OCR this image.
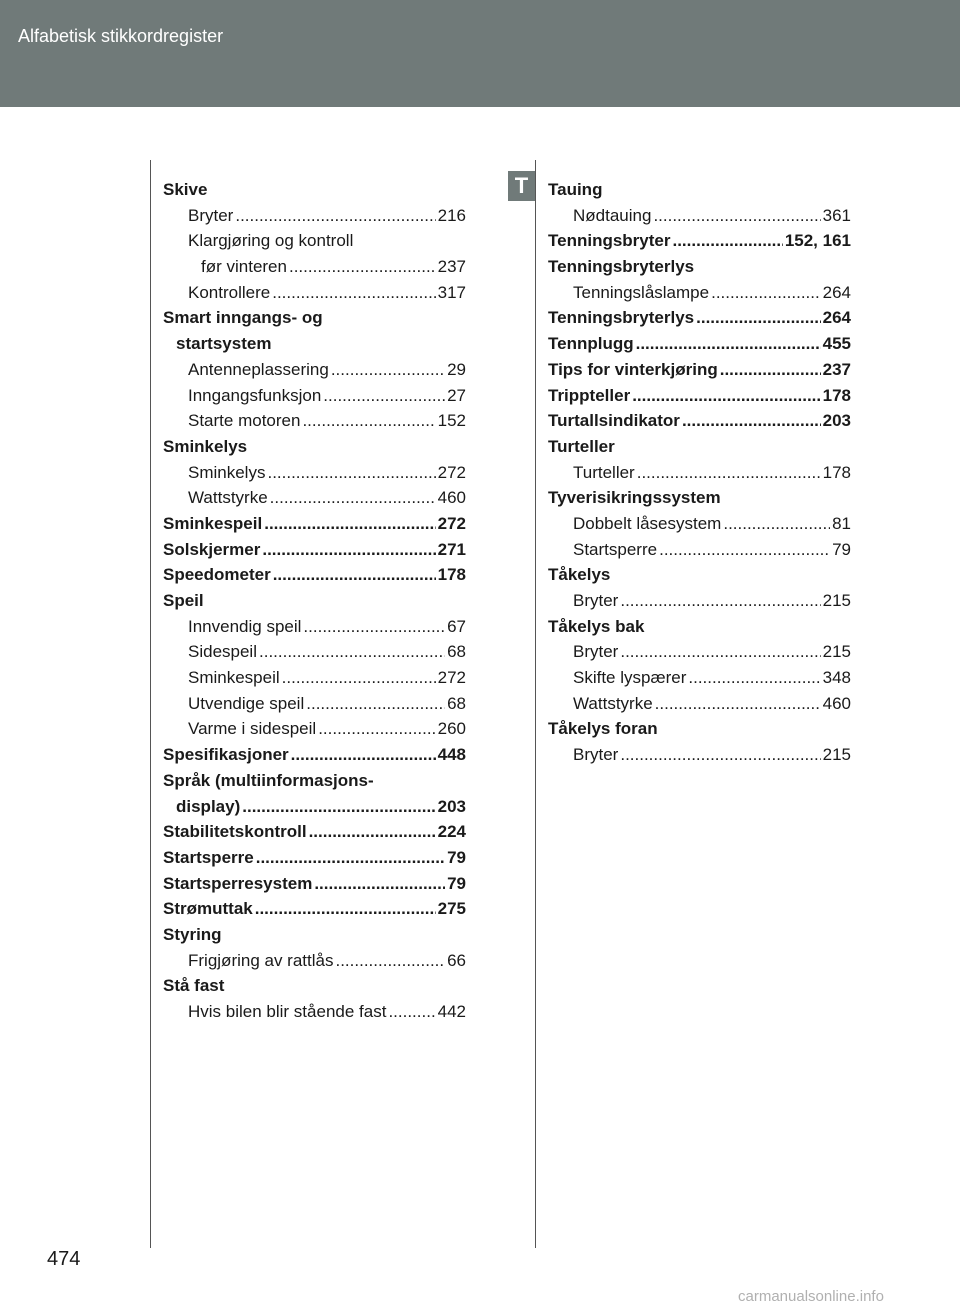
Alfabetisk stikkordregister
T
Skive
Bryter .....	216
Klargjøring og kontroll
før vinteren .....	237
Kontrollere .....	317
Smart inngangs- og
startsystem
Antenneplassering .....	29
Inngangsfunksjon .....	27
Starte motoren .....	152
Sminkelys
Sminkelys .....	272
Wattstyrke .....	460
Sminkespeil .....	272
Solskjermer .....	271
Speedometer .....	178
Speil
Innvendig speil .....	67
Sidespeil .....	68
Sminkespeil .....	272
Utvendige speil .....	68
Varme i sidespeil .....	260
Spesifikasjoner .....	448
Språk (multiinformasjons-
display) .....	203
Stabilitetskontroll .....	224
Startsperre .....	79
Startsperresystem .....	79
Strømuttak .....	275
Styring
Frigjøring av rattlås .....	66
Stå fast
Hvis bilen blir stående fast .....	442
Tauing
Nødtauing .....	361
Tenningsbryter .....	152, 161
Tenningsbryterlys
Tenningslåslampe .....	264
Tenningsbryterlys .....	264
Tennplugg .....	455
Tips for vinterkjøring .....	237
Trippteller .....	178
Turtallsindikator .....	203
Turteller
Turteller .....	178
Tyverisikringssystem
Dobbelt låsesystem .....	81
Startsperre .....	79
Tåkelys
Bryter .....	215
Tåkelys bak
Bryter .....	215
Skifte lyspærer .....	348
Wattstyrke .....	460
Tåkelys foran
Bryter .....	215
474
carmanualsonline.info
